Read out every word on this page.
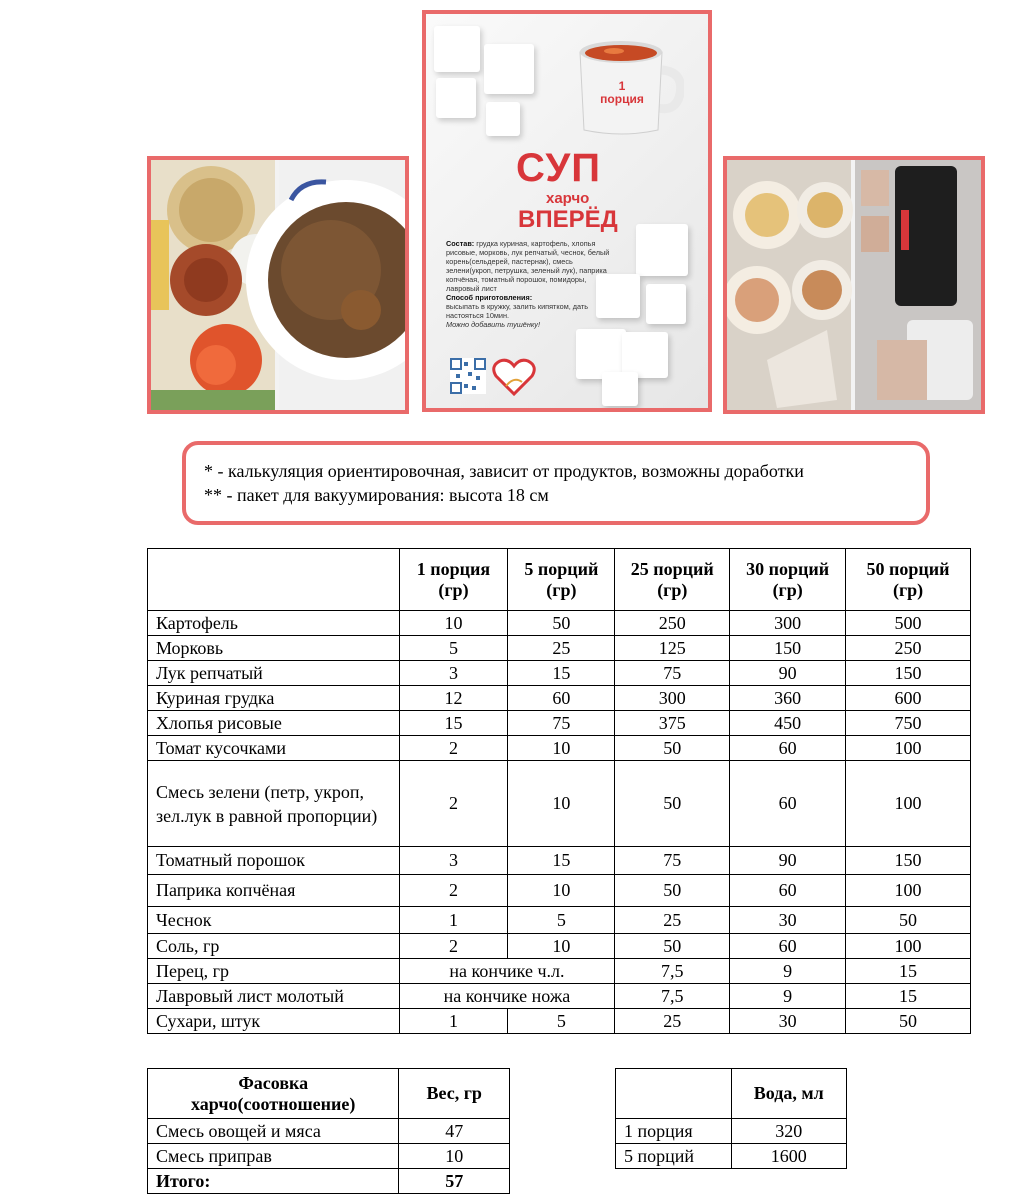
1
порция
СУП
харчо
ВПЕРЁД
Состав: грудка куриная, картофель, хлопья рисовые, морковь, лук репчатый, чеснок, белый корень(сельдерей, пастернак), смесь зелени(укроп, петрушка, зеленый лук), паприка копчёная, томатный порошок, помидоры, лавровый лист
Способ приготовления:
высыпать в кружку, залить кипятком, дать настояться 10мин.
Можно добавить тушёнку!
* - калькуляция ориентировочная, зависит от продуктов, возможны доработки
** - пакет для вакуумирования: высота 18 см
	1 порция (гр)	5 порций (гр)	25 порций (гр)	30 порций (гр)	50 порций (гр)
Картофель	10	50	250	300	500
Морковь	5	25	125	150	250
Лук репчатый	3	15	75	90	150
Куриная грудка	12	60	300	360	600
Хлопья рисовые	15	75	375	450	750
Томат кусочками	2	10	50	60	100
Смесь зелени (петр, укроп, зел.лук в равной пропорции)	2	10	50	60	100
Томатный порошок	3	15	75	90	150
Паприка копчёная	2	10	50	60	100
Чеснок	1	5	25	30	50
Соль, гр	2	10	50	60	100
Перец, гр	на кончике ч.л.		7,5	9	15
Лавровый лист молотый	на кончике ножа		7,5	9	15
Сухари, штук	1	5	25	30	50
Фасовка харчо(соотношение)	Вес, гр
Смесь овощей и мяса	47
Смесь приправ	10
Итого:	57
	Вода, мл
1 порция	320
5 порций	1600
